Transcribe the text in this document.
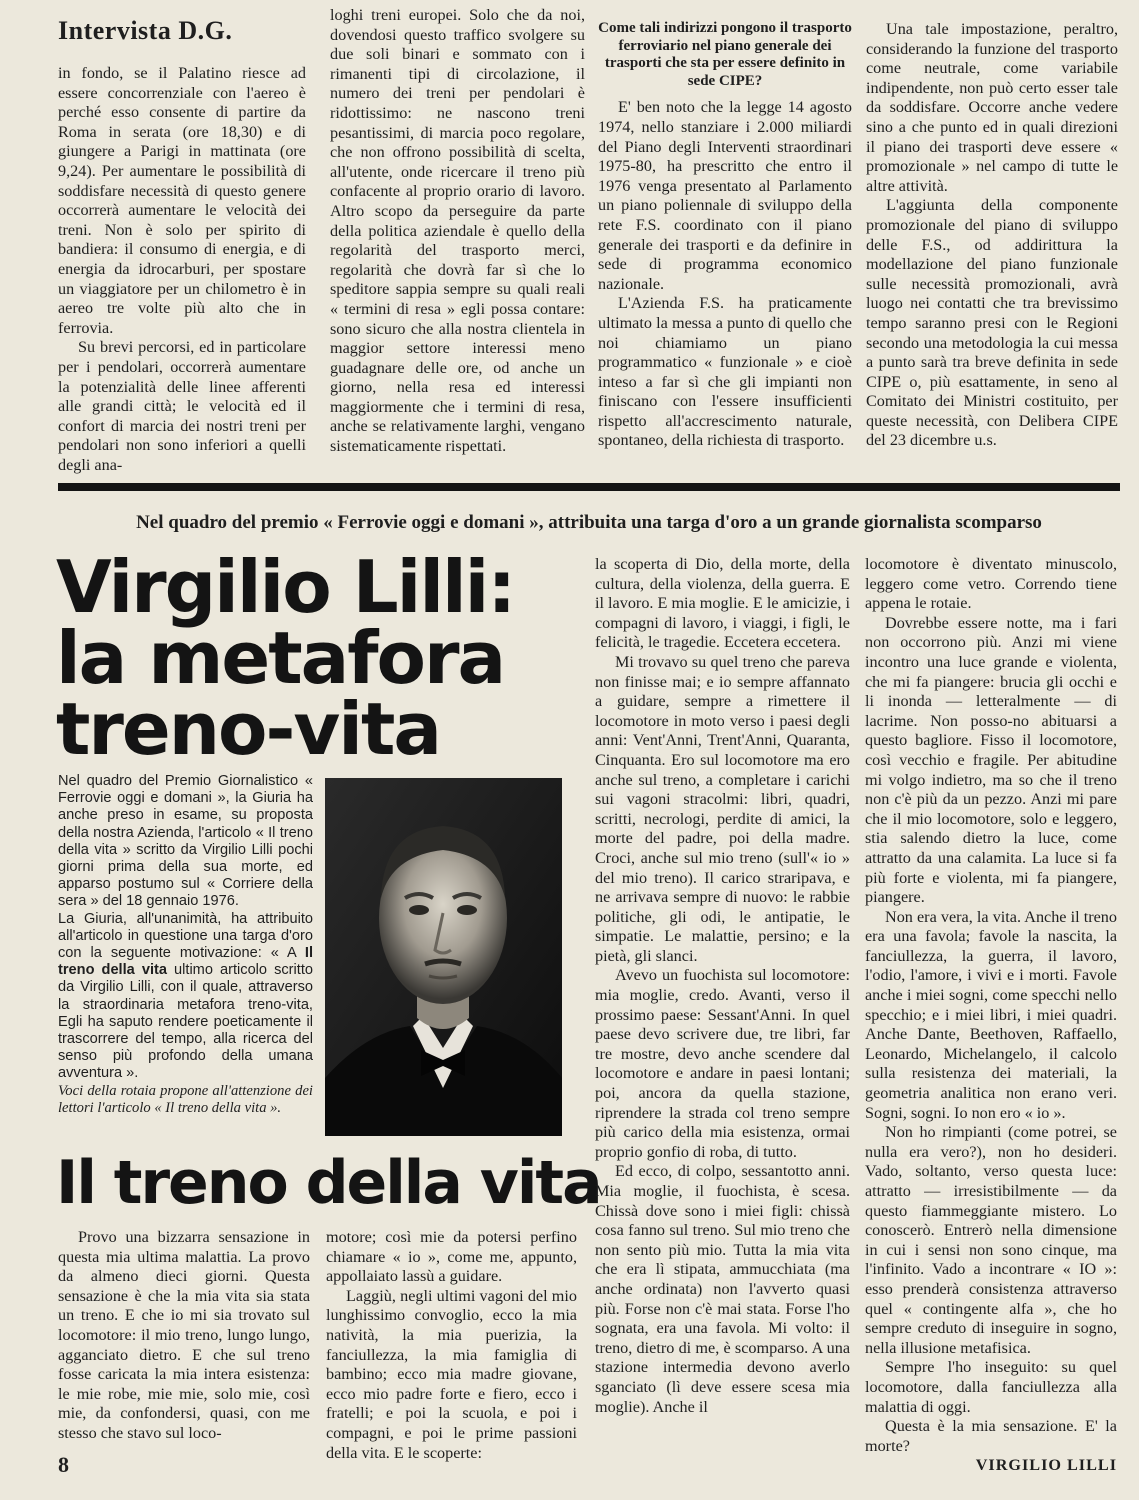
Intervista D.G.

in fondo, se il Palatino riesce ad essere concorrenziale con l'aereo è perché esso consente di partire da Roma in serata (ore 18,30) e di giungere a Parigi in mattinata (ore 9,24). Per aumentare le possibilità di soddisfare necessità di questo genere occorrerà aumentare le velocità dei treni. Non è solo per spirito di bandiera: il consumo di energia, e di energia da idrocarburi, per spostare un viaggiatore per un chilometro è in aereo tre volte più alto che in ferrovia.

Su brevi percorsi, ed in particolare per i pendolari, occorrerà aumentare la potenzialità delle linee afferenti alle grandi città; le velocità ed il confort di marcia dei nostri treni per pendolari non sono inferiori a quelli degli ana-

loghi treni europei. Solo che da noi, dovendosi questo traffico svolgere su due soli binari e sommato con i rimanenti tipi di circolazione, il numero dei treni per pendolari è ridottissimo: ne nascono treni pesantissimi, di marcia poco regolare, che non offrono possibilità di scelta, all'utente, onde ricercare il treno più confacente al proprio orario di lavoro. Altro scopo da perseguire da parte della politica aziendale è quello della regolarità del trasporto merci, regolarità che dovrà far sì che lo speditore sappia sempre su quali reali « termini di resa » egli possa contare: sono sicuro che alla nostra clientela in maggior settore interessi meno guadagnare delle ore, od anche un giorno, nella resa ed interessi maggiormente che i termini di resa, anche se relativamente larghi, vengano sistematicamente rispettati.

Come tali indirizzi pongono il trasporto ferroviario nel piano generale dei trasporti che sta per essere definito in sede CIPE?

E' ben noto che la legge 14 agosto 1974, nello stanziare i 2.000 miliardi del Piano degli Interventi straordinari 1975-80, ha prescritto che entro il 1976 venga presentato al Parlamento un piano poliennale di sviluppo della rete F.S. coordinato con il piano generale dei trasporti e da definire in sede di programma economico nazionale.

L'Azienda F.S. ha praticamente ultimato la messa a punto di quello che noi chiamiamo un piano programmatico « funzionale » e cioè inteso a far sì che gli impianti non finiscano con l'essere insufficienti rispetto all'accrescimento naturale, spontaneo, della richiesta di trasporto.

Una tale impostazione, peraltro, considerando la funzione del trasporto come neutrale, come variabile indipendente, non può certo esser tale da soddisfare. Occorre anche vedere sino a che punto ed in quali direzioni il piano dei trasporti deve essere « promozionale » nel campo di tutte le altre attività.

L'aggiunta della componente promozionale del piano di sviluppo delle F.S., od addirittura la modellazione del piano funzionale sulle necessità promozionali, avrà luogo nei contatti che tra brevissimo tempo saranno presi con le Regioni secondo una metodologia la cui messa a punto sarà tra breve definita in sede CIPE o, più esattamente, in seno al Comitato dei Ministri costituito, per queste necessità, con Delibera CIPE del 23 dicembre u.s.

Nel quadro del premio « Ferrovie oggi e domani », attribuita una targa d'oro a un grande giornalista scomparso
Virgilio Lilli:
la metafora
treno-vita

Nel quadro del Premio Giornalistico « Ferrovie oggi e domani », la Giuria ha anche preso in esame, su proposta della nostra Azienda, l'articolo « Il treno della vita » scritto da Virgilio Lilli pochi giorni prima della sua morte, ed apparso postumo sul « Corriere della sera » del 18 gennaio 1976.

La Giuria, all'unanimità, ha attribuito all'articolo in questione una targa d'oro con la seguente motivazione: « A Il treno della vita ultimo articolo scritto da Virgilio Lilli, con il quale, attraverso la straordinaria metafora treno-vita, Egli ha saputo rendere poeticamente il trascorrere del tempo, alla ricerca del senso più profondo della umana avventura ».

Voci della rotaia propone all'attenzione dei lettori l'articolo « Il treno della vita ».

Il treno della vita

Provo una bizzarra sensazione in questa mia ultima malattia. La provo da almeno dieci giorni. Questa sensazione è che la mia vita sia stata un treno. E che io mi sia trovato sul locomotore: il mio treno, lungo lungo, agganciato dietro. E che sul treno fosse caricata la mia intera esistenza: le mie robe, mie mie, solo mie, così mie, da confondersi, quasi, con me stesso che stavo sul loco-

motore; così mie da potersi perfino chiamare « io », come me, appunto, appollaiato lassù a guidare.

Laggiù, negli ultimi vagoni del mio lunghissimo convoglio, ecco la mia natività, la mia puerizia, la fanciullezza, la mia famiglia di bambino; ecco mia madre giovane, ecco mio padre forte e fiero, ecco i fratelli; e poi la scuola, e poi i compagni, e poi le prime passioni della vita. E le scoperte:

la scoperta di Dio, della morte, della cultura, della violenza, della guerra. E il lavoro. E mia moglie. E le amicizie, i compagni di lavoro, i viaggi, i figli, le felicità, le tragedie. Eccetera eccetera.

Mi trovavo su quel treno che pareva non finisse mai; e io sempre affannato a guidare, sempre a rimettere il locomotore in moto verso i paesi degli anni: Vent'Anni, Trent'Anni, Quaranta, Cinquanta. Ero sul locomotore ma ero anche sul treno, a completare i carichi sui vagoni stracolmi: libri, quadri, scritti, necrologi, perdite di amici, la morte del padre, poi della madre. Croci, anche sul mio treno (sull'« io » del mio treno). Il carico straripava, e ne arrivava sempre di nuovo: le rabbie politiche, gli odi, le antipatie, le simpatie. Le malattie, persino; e la pietà, gli slanci.

Avevo un fuochista sul locomotore: mia moglie, credo. Avanti, verso il prossimo paese: Sessant'Anni. In quel paese devo scrivere due, tre libri, far tre mostre, devo anche scendere dal locomotore e andare in paesi lontani; poi, ancora da quella stazione, riprendere la strada col treno sempre più carico della mia esistenza, ormai proprio gonfio di roba, di tutto.

Ed ecco, di colpo, sessantotto anni. Mia moglie, il fuochista, è scesa. Chissà dove sono i miei figli: chissà cosa fanno sul treno. Sul mio treno che non sento più mio. Tutta la mia vita che era lì stipata, ammucchiata (ma anche ordinata) non l'avverto quasi più. Forse non c'è mai stata. Forse l'ho sognata, era una favola. Mi volto: il treno, dietro di me, è scomparso. A una stazione intermedia devono averlo sganciato (lì deve essere scesa mia moglie). Anche il

locomotore è diventato minuscolo, leggero come vetro. Correndo tiene appena le rotaie.

Dovrebbe essere notte, ma i fari non occorrono più. Anzi mi viene incontro una luce grande e violenta, che mi fa piangere: brucia gli occhi e li inonda — letteralmente — di lacrime. Non posso-no abituarsi a questo bagliore. Fisso il locomotore, così vecchio e fragile. Per abitudine mi volgo indietro, ma so che il treno non c'è più da un pezzo. Anzi mi pare che il mio locomotore, solo e leggero, stia salendo dietro la luce, come attratto da una calamita. La luce si fa più forte e violenta, mi fa piangere, piangere.

Non era vera, la vita. Anche il treno era una favola; favole la nascita, la fanciullezza, la guerra, il lavoro, l'odio, l'amore, i vivi e i morti. Favole anche i miei sogni, come specchi nello specchio; e i miei libri, i miei quadri. Anche Dante, Beethoven, Raffaello, Leonardo, Michelangelo, il calcolo sulla resistenza dei materiali, la geometria analitica non erano veri. Sogni, sogni. Io non ero « io ».

Non ho rimpianti (come potrei, se nulla era vero?), non ho desideri. Vado, soltanto, verso questa luce: attratto — irresistibilmente — da questo fiammeggiante mistero. Lo conoscerò. Entrerò nella dimensione in cui i sensi non sono cinque, ma l'infinito. Vado a incontrare « IO »: esso prenderà consistenza attraverso quel « contingente alfa », che ho sempre creduto di inseguire in sogno, nella illusione metafisica.

Sempre l'ho inseguito: su quel locomotore, dalla fanciullezza alla malattia di oggi.

Questa è la mia sensazione. E' la morte?

VIRGILIO LILLI

8
